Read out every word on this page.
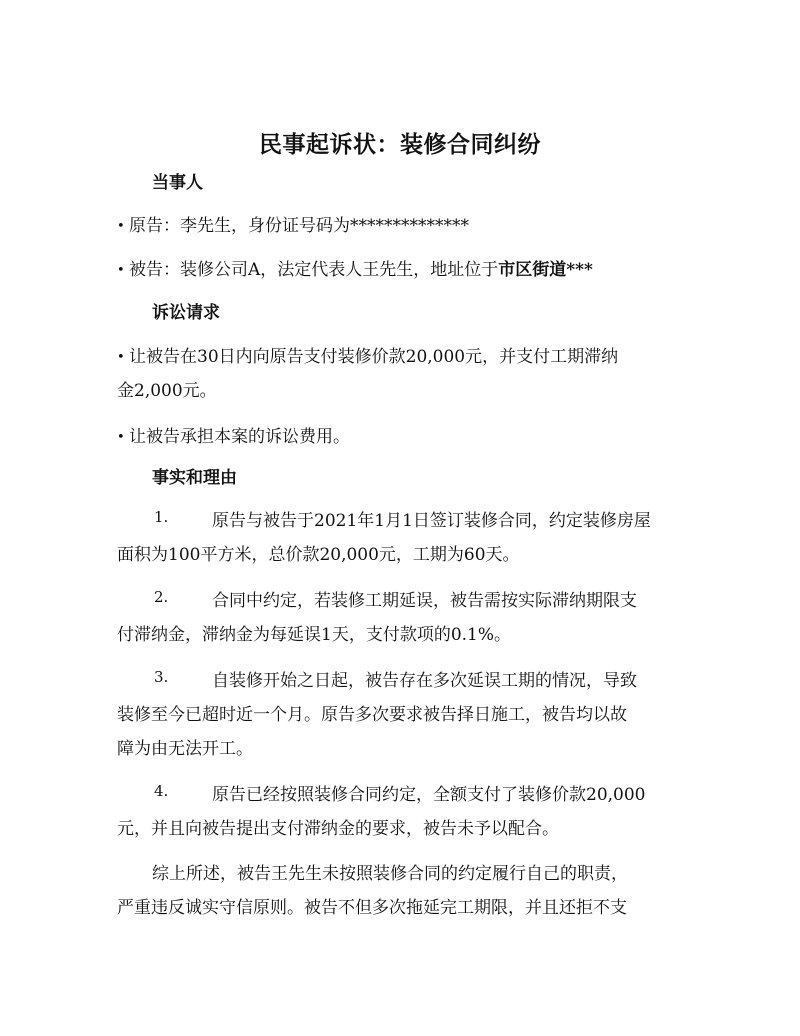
民事起诉状：装修合同纠纷
当事人
• 原告：李先生，身份证号码为**************
• 被告：装修公司A，法定代表人王先生，地址位于市区街道***
诉讼请求
• 让被告在30日内向原告支付装修价款20,000元，并支付工期滞纳
金2,000元。
• 让被告承担本案的诉讼费用。
事实和理由
1.	原告与被告于2021年1月1日签订装修合同，约定装修房屋
面积为100平方米，总价款20,000元，工期为60天。
2.	合同中约定，若装修工期延误，被告需按实际滞纳期限支
付滞纳金，滞纳金为每延误1天，支付款项的0.1%。
3.	自装修开始之日起，被告存在多次延误工期的情况，导致
装修至今已超时近一个月。原告多次要求被告择日施工，被告均以故
障为由无法开工。
4.	原告已经按照装修合同约定，全额支付了装修价款20,000
元，并且向被告提出支付滞纳金的要求，被告未予以配合。
综上所述，被告王先生未按照装修合同的约定履行自己的职责，
严重违反诚实守信原则。被告不但多次拖延完工期限，并且还拒不支
